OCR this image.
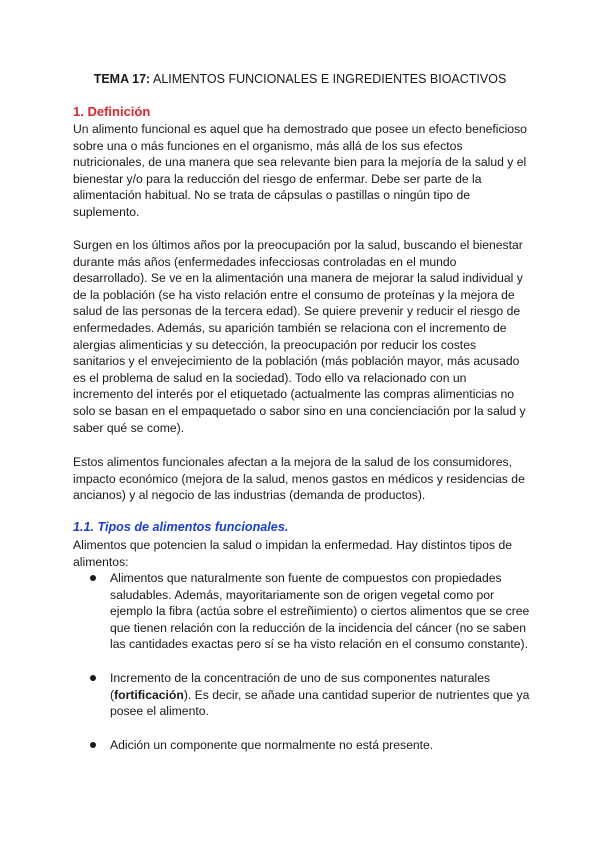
TEMA 17: ALIMENTOS FUNCIONALES E INGREDIENTES BIOACTIVOS
1. Definición
Un alimento funcional es aquel que ha demostrado que posee un efecto beneficioso
sobre una o más funciones en el organismo, más allá de los sus efectos
nutricionales, de una manera que sea relevante bien para la mejoría de la salud y el
bienestar y/o para la reducción del riesgo de enfermar. Debe ser parte de la
alimentación habitual. No se trata de cápsulas o pastillas o ningún tipo de
suplemento.
Surgen en los últimos años por la preocupación por la salud, buscando el bienestar
durante más años (enfermedades infecciosas controladas en el mundo
desarrollado). Se ve en la alimentación una manera de mejorar la salud individual y
de la población (se ha visto relación entre el consumo de proteínas y la mejora de
salud de las personas de la tercera edad). Se quiere prevenir y reducir el riesgo de
enfermedades. Además, su aparición también se relaciona con el incremento de
alergias alimenticias y su detección, la preocupación por reducir los costes
sanitarios y el envejecimiento de la población (más población mayor, más acusado
es el problema de salud en la sociedad). Todo ello va relacionado con un
incremento del interés por el etiquetado (actualmente las compras alimenticias no
solo se basan en el empaquetado o sabor sino en una concienciación por la salud y
saber qué se come).
Estos alimentos funcionales afectan a la mejora de la salud de los consumidores,
impacto económico (mejora de la salud, menos gastos en médicos y residencias de
ancianos) y al negocio de las industrias (demanda de productos).
1.1. Tipos de alimentos funcionales.
Alimentos que potencien la salud o impidan la enfermedad. Hay distintos tipos de
alimentos:
Alimentos que naturalmente son fuente de compuestos con propiedades
saludables. Además, mayoritariamente son de origen vegetal como por
ejemplo la fibra (actúa sobre el estreñimiento) o ciertos alimentos que se cree
que tienen relación con la reducción de la incidencia del cáncer (no se saben
las cantidades exactas pero sí se ha visto relación en el consumo constante).
Incremento de la concentración de uno de sus componentes naturales
(fortificación). Es decir, se añade una cantidad superior de nutrientes que ya
posee el alimento.
Adición un componente que normalmente no está presente.
